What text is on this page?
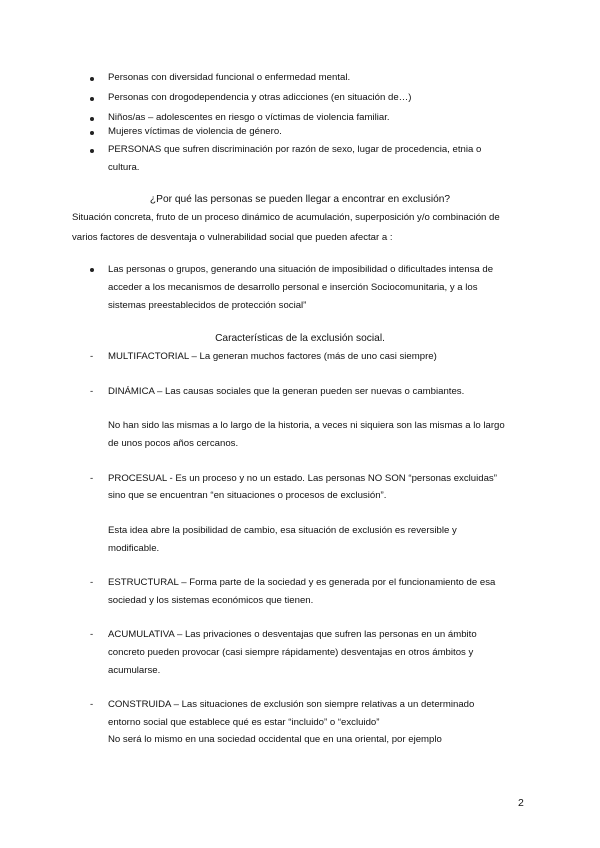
Personas con diversidad funcional o enfermedad mental.
Personas con drogodependencia y otras adicciones (en situación de…)
Niños/as – adolescentes en riesgo o víctimas de violencia familiar.
Mujeres víctimas de violencia de género.
PERSONAS que sufren discriminación por razón de sexo, lugar de procedencia, etnia o
cultura.
¿Por qué las personas se pueden llegar a encontrar en exclusión?
Situación concreta, fruto de un proceso dinámico de acumulación, superposición y/o combinación de
varios factores de desventaja o vulnerabilidad social que pueden afectar a :
Las personas o grupos, generando una situación de imposibilidad o dificultades intensa de
acceder a los mecanismos de desarrollo personal e inserción Sociocomunitaria, y a los
sistemas preestablecidos de protección social”
Características de la exclusión social.
- MULTIFACTORIAL – La generan muchos factores (más de uno casi siempre)
- DINÁMICA – Las causas sociales que la generan pueden ser nuevas o cambiantes.
No han sido las mismas a lo largo de la historia, a veces ni siquiera son las mismas a lo largo
de unos pocos años cercanos.
- PROCESUAL - Es un proceso y no un estado. Las personas NO SON “personas excluidas”
sino que se encuentran “en situaciones o procesos de exclusión”.
Esta idea abre la posibilidad de cambio, esa situación de exclusión es reversible y
modificable.
- ESTRUCTURAL – Forma parte de la sociedad y es generada por el funcionamiento de esa
sociedad y los sistemas económicos que tienen.
- ACUMULATIVA – Las privaciones o desventajas que sufren las personas en un ámbito
concreto pueden provocar (casi siempre rápidamente) desventajas en otros ámbitos y
acumularse.
- CONSTRUIDA – Las situaciones de exclusión son siempre relativas a un determinado
entorno social que establece qué es estar “incluido” o “excluido”
No será lo mismo en una sociedad occidental que en una oriental, por ejemplo
2
